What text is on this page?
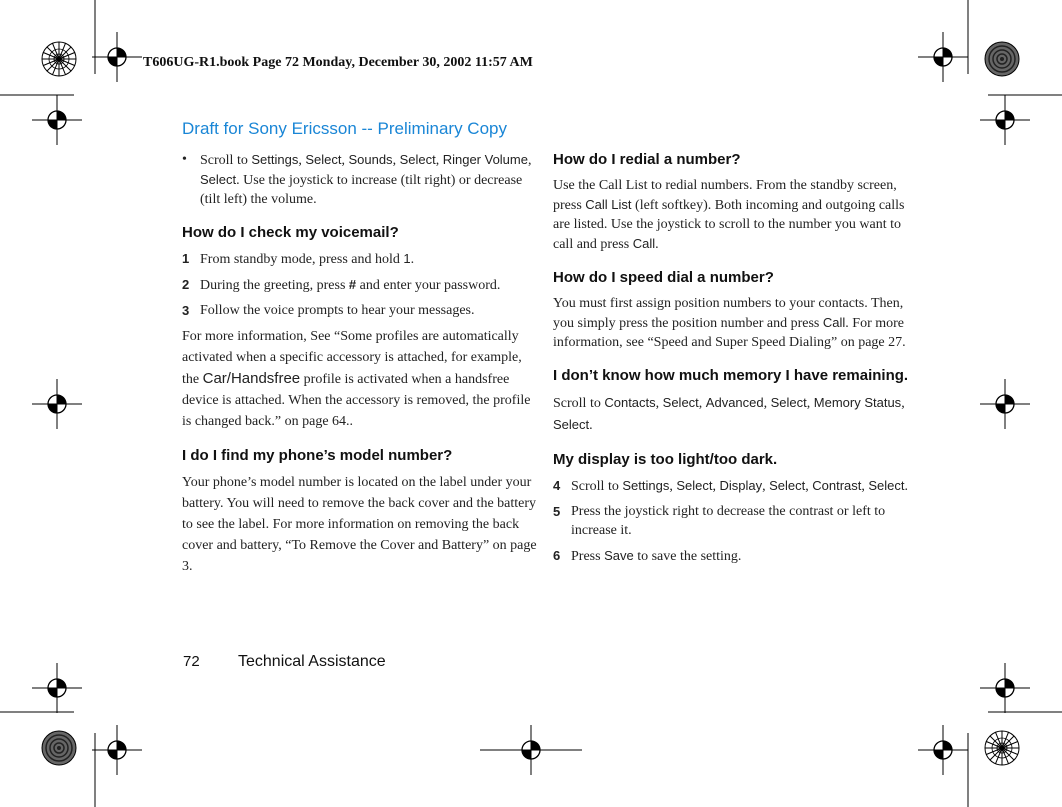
T606UG-R1.book Page 72 Monday, December 30, 2002 11:57 AM
Draft for Sony Ericsson -- Preliminary Copy
• Scroll to Settings, Select, Sounds, Select, Ringer Volume, Select. Use the joystick to increase (tilt right) or decrease (tilt left) the volume.
How do I check my voicemail?
1 From standby mode, press and hold 1.
2 During the greeting, press # and enter your password.
3 Follow the voice prompts to hear your messages.

For more information, See “Some profiles are automatically activated when a specific accessory is attached, for example, the Car/Handsfree profile is activated when a handsfree device is attached. When the accessory is removed, the profile is changed back.” on page 64..

I do I find my phone’s model number?

Your phone’s model number is located on the label under your battery. You will need to remove the back cover and the battery to see the label. For more information on removing the back cover and battery, “To Remove the Cover and Battery” on page 3.

How do I redial a number?

Use the Call List to redial numbers. From the standby screen, press Call List (left softkey). Both incoming and outgoing calls are listed. Use the joystick to scroll to the number you want to call and press Call.

How do I speed dial a number?

You must first assign position numbers to your contacts. Then, you simply press the position number and press Call. For more information, see “Speed and Super Speed Dialing” on page 27.

I don’t know how much memory I have remaining.

Scroll to Contacts, Select, Advanced, Select, Memory Status, Select.

My display is too light/too dark.
4 Scroll to Settings, Select, Display, Select, Contrast, Select.
5 Press the joystick right to decrease the contrast or left to increase it.
6 Press Save to save the setting.
72 Technical Assistance
